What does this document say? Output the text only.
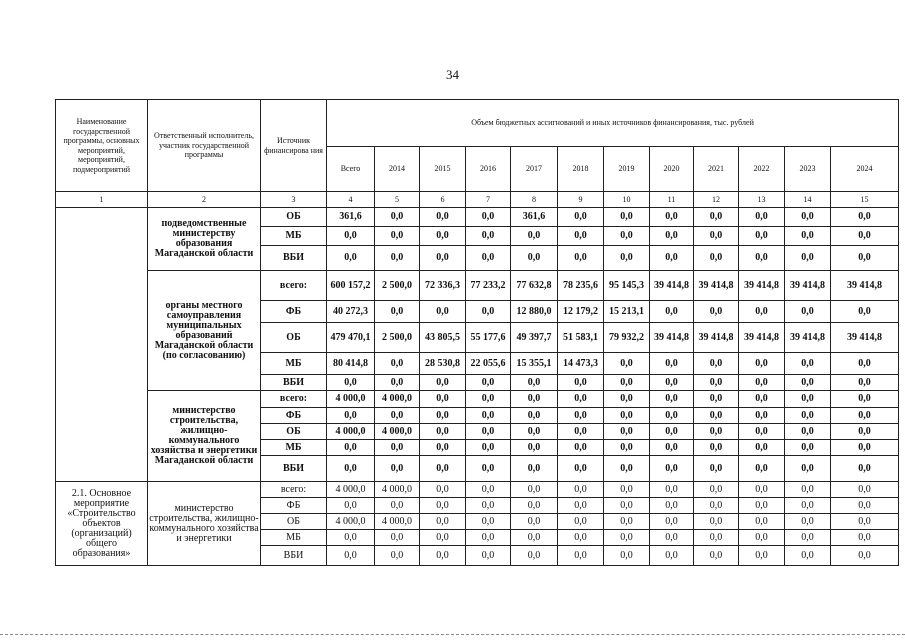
34
Наименование государственной программы, основных мероприятий, мероприятий, подмероприятий	Ответственный исполнитель, участник государственной программы	Источник финансирова ния	Объем бюджетных ассигнований и иных источников финансирования, тыс. рублей											
			Всего	2014	2015	2016	2017	2018	2019	2020	2021	2022	2023	2024
1	2	3	4	5	6	7	8	9	10	11	12	13	14	15
	подведомственные министерству образования Магаданской области	ОБ	361,6	0,0	0,0	0,0	361,6	0,0	0,0	0,0	0,0	0,0	0,0	0,0
		МБ	0,0	0,0	0,0	0,0	0,0	0,0	0,0	0,0	0,0	0,0	0,0	0,0
		ВБИ	0,0	0,0	0,0	0,0	0,0	0,0	0,0	0,0	0,0	0,0	0,0	0,0
	органы местного самоуправления муниципальных образований Магаданской области (по согласованию)	всего:	600 157,2	2 500,0	72 336,3	77 233,2	77 632,8	78 235,6	95 145,3	39 414,8	39 414,8	39 414,8	39 414,8	39 414,8
		ФБ	40 272,3	0,0	0,0	0,0	12 880,0	12 179,2	15 213,1	0,0	0,0	0,0	0,0	0,0
		ОБ	479 470,1	2 500,0	43 805,5	55 177,6	49 397,7	51 583,1	79 932,2	39 414,8	39 414,8	39 414,8	39 414,8	39 414,8
		МБ	80 414,8	0,0	28 530,8	22 055,6	15 355,1	14 473,3	0,0	0,0	0,0	0,0	0,0	0,0
		ВБИ	0,0	0,0	0,0	0,0	0,0	0,0	0,0	0,0	0,0	0,0	0,0	0,0
	министерство строительства, жилищно-коммунального хозяйства и энергетики Магаданской области	всего:	4 000,0	4 000,0	0,0	0,0	0,0	0,0	0,0	0,0	0,0	0,0	0,0	0,0
		ФБ	0,0	0,0	0,0	0,0	0,0	0,0	0,0	0,0	0,0	0,0	0,0	0,0
		ОБ	4 000,0	4 000,0	0,0	0,0	0,0	0,0	0,0	0,0	0,0	0,0	0,0	0,0
		МБ	0,0	0,0	0,0	0,0	0,0	0,0	0,0	0,0	0,0	0,0	0,0	0,0
		ВБИ	0,0	0,0	0,0	0,0	0,0	0,0	0,0	0,0	0,0	0,0	0,0	0,0
2.1. Основное мероприятие «Строительство объектов (организаций) общего образования»	министерство строительства, жилищно-коммунального хозяйства и энергетики	всего:	4 000,0	4 000,0	0,0	0,0	0,0	0,0	0,0	0,0	0,0	0,0	0,0	0,0
		ФБ	0,0	0,0	0,0	0,0	0,0	0,0	0,0	0,0	0,0	0,0	0,0	0,0
		ОБ	4 000,0	4 000,0	0,0	0,0	0,0	0,0	0,0	0,0	0,0	0,0	0,0	0,0
		МБ	0,0	0,0	0,0	0,0	0,0	0,0	0,0	0,0	0,0	0,0	0,0	0,0
		ВБИ	0,0	0,0	0,0	0,0	0,0	0,0	0,0	0,0	0,0	0,0	0,0	0,0
